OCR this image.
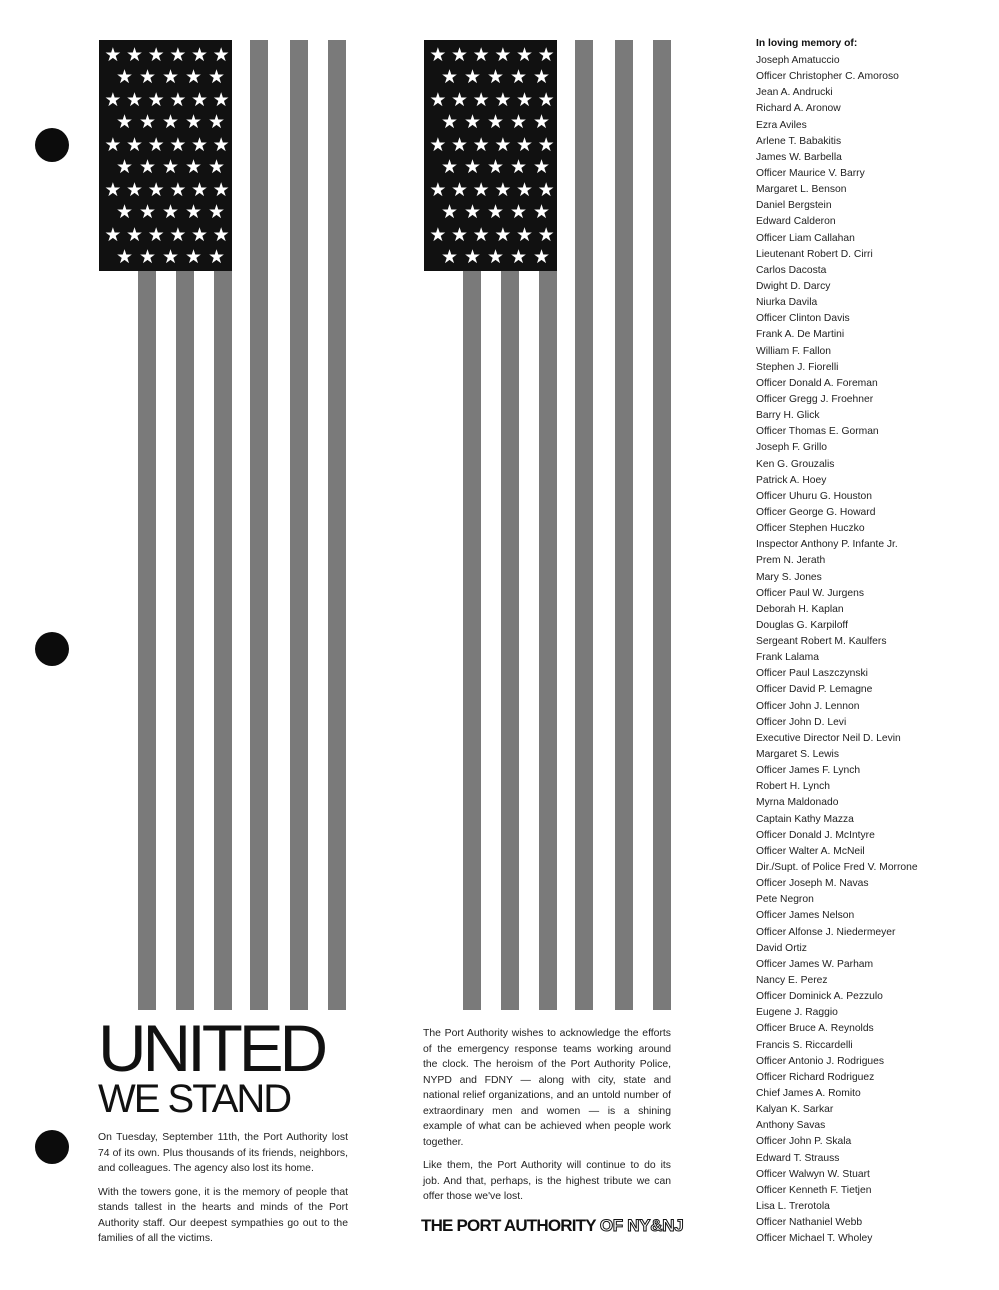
★ ★ ★ ★ ★ ★
★ ★ ★ ★ ★
★ ★ ★ ★ ★ ★
★ ★ ★ ★ ★
★ ★ ★ ★ ★ ★
★ ★ ★ ★ ★
★ ★ ★ ★ ★ ★
★ ★ ★ ★ ★
★ ★ ★ ★ ★ ★
★ ★ ★ ★ ★
★ ★ ★ ★ ★ ★
★ ★ ★ ★ ★
★ ★ ★ ★ ★ ★
★ ★ ★ ★ ★
★ ★ ★ ★ ★ ★
★ ★ ★ ★ ★
★ ★ ★ ★ ★ ★
★ ★ ★ ★ ★
★ ★ ★ ★ ★ ★
★ ★ ★ ★ ★
UNITED
WE STAND

On Tuesday, September 11th, the Port Authority lost 74 of its own. Plus thousands of its friends, neighbors, and colleagues. The agency also lost its home.

With the towers gone, it is the memory of people that stands tallest in the hearts and minds of the Port Authority staff. Our deepest sympathies go out to the families of all the victims.

The Port Authority wishes to acknowledge the efforts of the emergency response teams working around the clock. The heroism of the Port Authority Police, NYPD and FDNY — along with city, state and national relief organizations, and an untold number of extraordinary men and women — is a shining example of what can be achieved when people work together.

Like them, the Port Authority will continue to do its job. And that, perhaps, is the highest tribute we can offer those we've lost.

THE PORT AUTHORITY OF NY&NJ
In loving memory of:
Joseph Amatuccio
Officer Christopher C. Amoroso
Jean A. Andrucki
Richard A. Aronow
Ezra Aviles
Arlene T. Babakitis
James W. Barbella
Officer Maurice V. Barry
Margaret L. Benson
Daniel Bergstein
Edward Calderon
Officer Liam Callahan
Lieutenant Robert D. Cirri
Carlos Dacosta
Dwight D. Darcy
Niurka Davila
Officer Clinton Davis
Frank A. De Martini
William F. Fallon
Stephen J. Fiorelli
Officer Donald A. Foreman
Officer Gregg J. Froehner
Barry H. Glick
Officer Thomas E. Gorman
Joseph F. Grillo
Ken G. Grouzalis
Patrick A. Hoey
Officer Uhuru G. Houston
Officer George G. Howard
Officer Stephen Huczko
Inspector Anthony P. Infante Jr.
Prem N. Jerath
Mary S. Jones
Officer Paul W. Jurgens
Deborah H. Kaplan
Douglas G. Karpiloff
Sergeant Robert M. Kaulfers
Frank Lalama
Officer Paul Laszczynski
Officer David P. Lemagne
Officer John J. Lennon
Officer John D. Levi
Executive Director Neil D. Levin
Margaret S. Lewis
Officer James F. Lynch
Robert H. Lynch
Myrna Maldonado
Captain Kathy Mazza
Officer Donald J. McIntyre
Officer Walter A. McNeil
Dir./Supt. of Police Fred V. Morrone
Officer Joseph M. Navas
Pete Negron
Officer James Nelson
Officer Alfonse J. Niedermeyer
David Ortiz
Officer James W. Parham
Nancy E. Perez
Officer Dominick A. Pezzulo
Eugene J. Raggio
Officer Bruce A. Reynolds
Francis S. Riccardelli
Officer Antonio J. Rodrigues
Officer Richard Rodriguez
Chief James A. Romito
Kalyan K. Sarkar
Anthony Savas
Officer John P. Skala
Edward T. Strauss
Officer Walwyn W. Stuart
Officer Kenneth F. Tietjen
Lisa L. Trerotola
Officer Nathaniel Webb
Officer Michael T. Wholey
